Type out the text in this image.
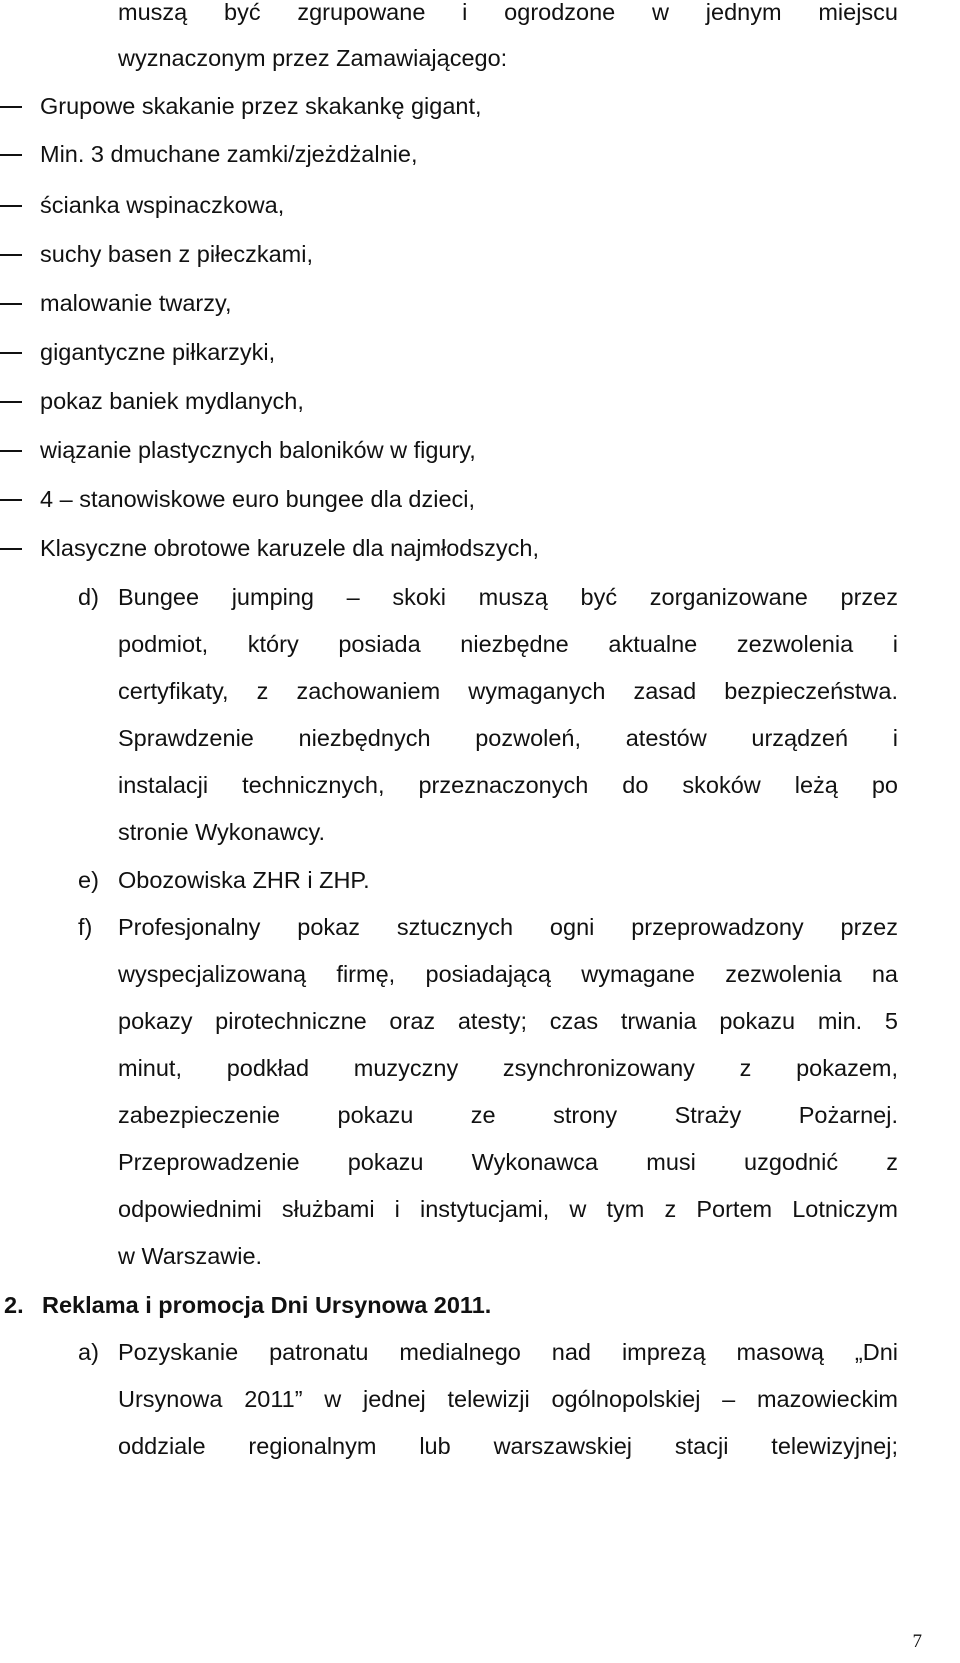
muszą być zgrupowane i ogrodzone w jednym miejscu
wyznaczonym przez Zamawiającego:
Grupowe skakanie przez skakankę gigant,
Min. 3 dmuchane zamki/zjeżdżalnie,
ścianka wspinaczkowa,
suchy basen z piłeczkami,
malowanie twarzy,
gigantyczne piłkarzyki,
pokaz baniek mydlanych,
wiązanie plastycznych baloników w figury,
4 – stanowiskowe euro bungee dla dzieci,
Klasyczne obrotowe karuzele dla najmłodszych,
d) Bungee jumping – skoki muszą być zorganizowane przez
podmiot, który posiada niezbędne aktualne zezwolenia i
certyfikaty, z zachowaniem wymaganych zasad bezpieczeństwa.
Sprawdzenie niezbędnych pozwoleń, atestów urządzeń i
instalacji technicznych, przeznaczonych do skoków leżą po
stronie Wykonawcy.
e) Obozowiska ZHR i ZHP.
f) Profesjonalny pokaz sztucznych ogni przeprowadzony przez
wyspecjalizowaną firmę, posiadającą wymagane zezwolenia na
pokazy pirotechniczne oraz atesty; czas trwania pokazu min. 5
minut, podkład muzyczny zsynchronizowany z pokazem,
zabezpieczenie pokazu ze strony Straży Pożarnej.
Przeprowadzenie pokazu Wykonawca musi uzgodnić z
odpowiednimi służbami i instytucjami, w tym z Portem Lotniczym
w Warszawie.
2. Reklama i promocja Dni Ursynowa 2011.
a) Pozyskanie patronatu medialnego nad imprezą masową „Dni
Ursynowa 2011” w jednej telewizji ogólnopolskiej – mazowieckim
oddziale regionalnym lub warszawskiej stacji telewizyjnej;
7
